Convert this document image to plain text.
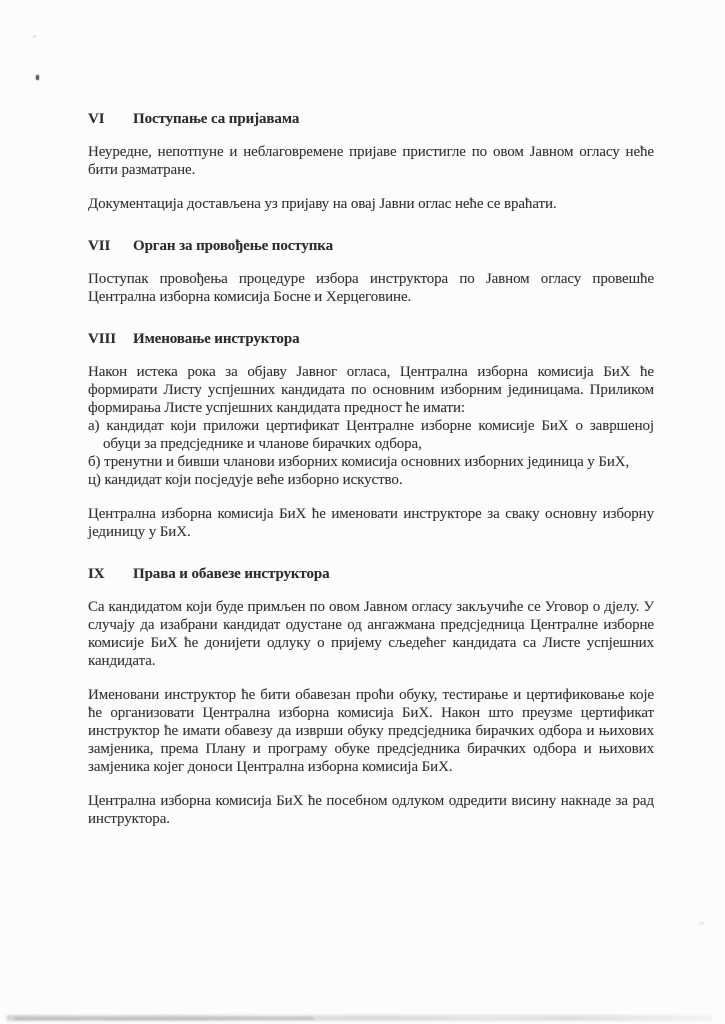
VI Поступање са пријавама

Неуредне, непотпуне и неблаговремене пријаве пристигле по овом Јавном огласу неће бити разматране.

Документација достављена уз пријаву на овај Јавни оглас неће се враћати.

VII Орган за провођење поступка

Поступак провођења процедуре избора инструктора по Јавном огласу провешће Централна изборна комисија Босне и Херцеговине.

VIII Именовање инструктора

Након истека рока за објаву Јавног огласа, Централна изборна комисија БиХ ће формирати Листу успјешних кандидата по основним изборним јединицама. Приликом формирања Листе успјешних кандидата предност ће имати:

а) кандидат који приложи цертификат Централне изборне комисије БиХ о завршеној обуци за предсједнике и чланове бирачких одбора,

б) тренутни и бивши чланови изборних комисија основних изборних јединица у БиХ,

ц) кандидат који посједује веће изборно искуство.

Централна изборна комисија БиХ ће именовати инструкторе за сваку основну изборну јединицу у БиХ.

IX Права и обавезе инструктора

Са кандидатом који буде примљен по овом Јавном огласу закључиће се Уговор о дјелу. У случају да изабрани кандидат одустане од ангажмана предсједница Централне изборне комисије БиХ ће донијети одлуку о пријему сљедећег кандидата са Листе успјешних кандидата.

Именовани инструктор ће бити обавезан проћи обуку, тестирање и цертификовање које ће организовати Централна изборна комисија БиХ. Након што преузме цертификат инструктор ће имати обавезу да изврши обуку предсједника бирачких одбора и њихових замјеника, према Плану и програму обуке предсједника бирачких одбора и њихових замјеника којег доноси Централна изборна комисија БиХ.

Централна изборна комисија БиХ ће посебном одлуком одредити висину накнаде за рад инструктора.
